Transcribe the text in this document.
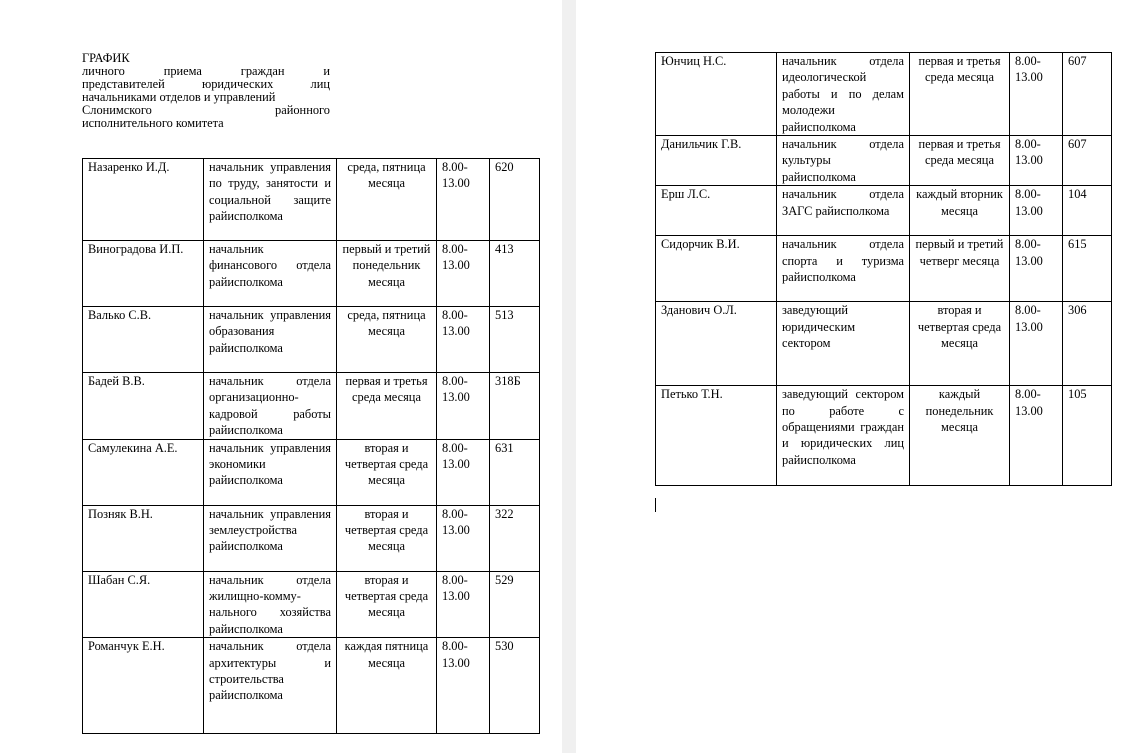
ГРАФИК
личного приема граждан и
представителей юридических лиц
начальниками отделов и управлений
Слонимского районного
исполнительного комитета
Назаренко И.Д.	начальник управления по труду, занятости и социальной защите райисполкома	среда, пятница месяца	8.00-13.00	620
Виноградова И.П.	начальник финансового отдела райисполкома	первый и третий понедельник месяца	8.00-13.00	413
Валько С.В.	начальник управления образования райисполкома	среда, пятница месяца	8.00-13.00	513
Бадей В.В.	начальник отдела организационно-кадровой работы райисполкома	первая и третья среда месяца	8.00-13.00	318Б
Самулекина А.Е.	начальник управления экономики райисполкома	вторая и четвертая среда месяца	8.00-13.00	631
Позняк В.Н.	начальник управления землеустройства райисполкома	вторая и четвертая среда месяца	8.00-13.00	322
Шабан С.Я.	начальник отдела жилищно-комму-нального хозяйства райисполкома	вторая и четвертая среда месяца	8.00-13.00	529
Романчук Е.Н.	начальник отдела архитектуры и строительства райисполкома	каждая пятница месяца	8.00-13.00	530
Юнчиц Н.С.	начальник отдела идеологической работы и по делам молодежи райисполкома	первая и третья среда месяца	8.00-13.00	607
Данильчик Г.В.	начальник отдела культуры райисполкома	первая и третья среда месяца	8.00-13.00	607
Ерш Л.С.	начальник отдела ЗАГС райисполкома	каждый вторник месяца	8.00-13.00	104
Сидорчик В.И.	начальник отдела спорта и туризма райисполкома	первый и третий четверг месяца	8.00-13.00	615
Зданович О.Л.	заведующий юридическим сектором	вторая и четвертая среда месяца	8.00-13.00	306
Петько Т.Н.	заведующий сектором по работе с обращениями граждан и юридических лиц райисполкома	каждый понедельник месяца	8.00-13.00	105
